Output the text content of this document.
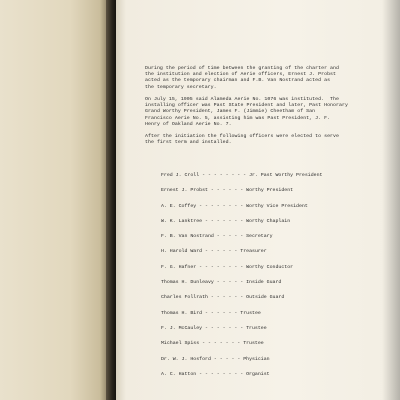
During the period of time between the granting of the charter and
the institution and election of Aerie officers, Ernest J. Probst
acted as the temporary chairman and F.B. Van Nostrand acted as
the temporary secretary.

On July 15, 1905 said Alameda Aerie No. 1076 was instituted.  The
installing officer was Past State President and later, Past Honorary
Grand Worthy President, James F. (Jimmie) Cheetham of San
Francisco Aerie No. 5, assisting him was Past President, J. F.
Henry of Oakland Aerie No. 7.

After the initiation the following officers were elected to serve
the first term and installed.

Fred J. Croll - - - - - - - - Jr. Past Worthy President
Ernest J. Probst - - - - - - Worthy President
A. E. Coffey - - - - - - - - Worthy Vice President
W. K. Lanktree - - - - - - - Worthy Chaplain
F. B. Van Nostrand - - - - - Secretary
H. Harold Ward - - - - - - Treasurer
F. G. Hafner - - - - - - - - Worthy Conductor
Thomas H. Dunleavy - - - - - Inside Guard
Charles Follrath - - - - - - Outside Guard
Thomas H. Bird - - - - - - Trustee
F. J. McCauley - - - - - - - Trustee
Michael Spiss - - - - - - - Trustee
Dr. W. J. Hosford - - - - - Physician
A. C. Hatton - - - - - - - - Organist
